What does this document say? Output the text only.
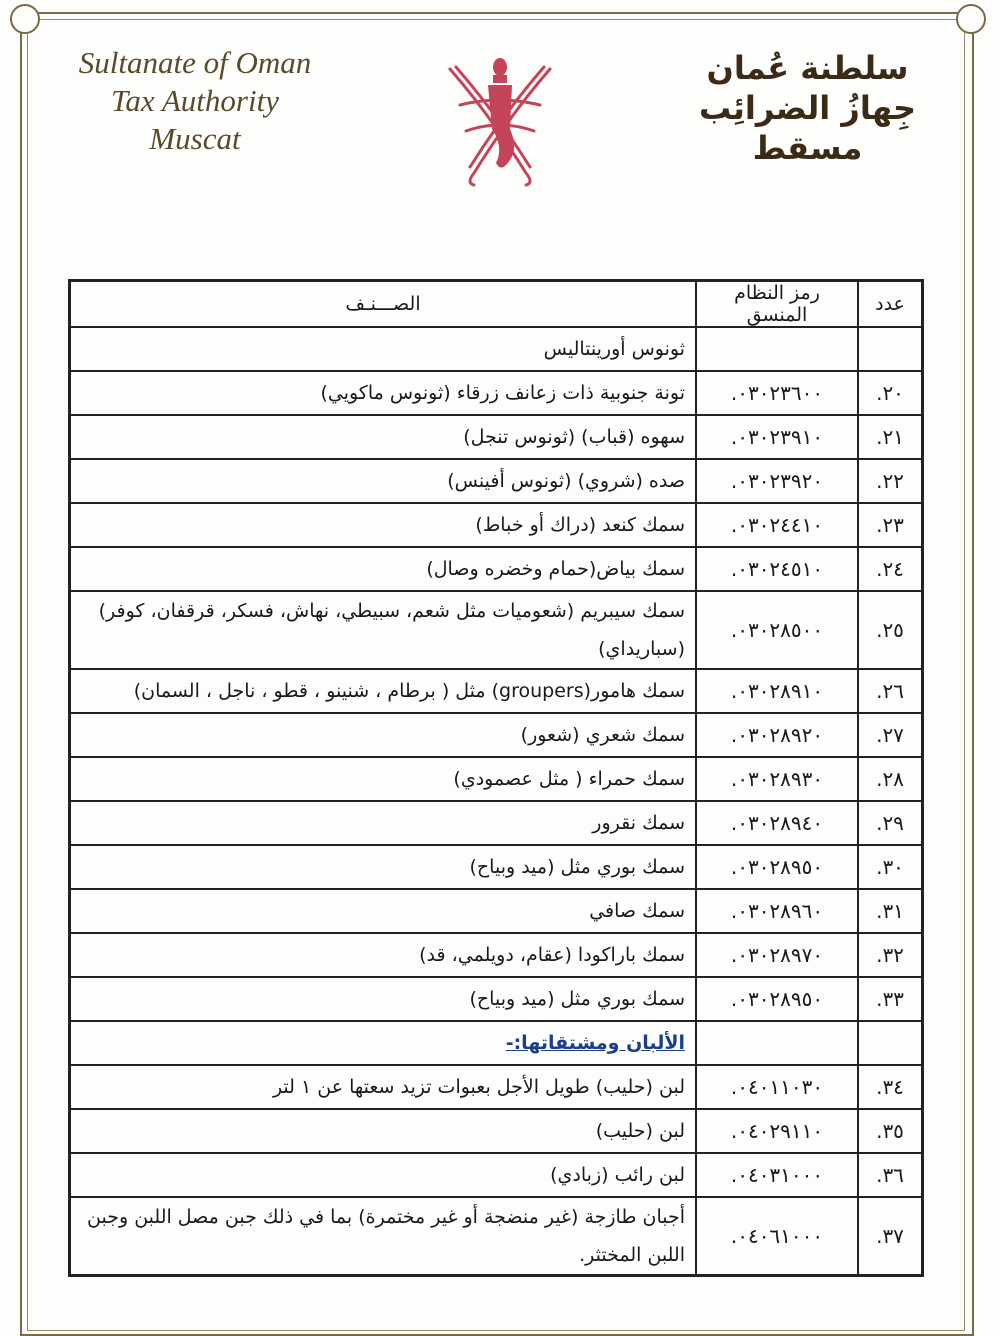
Sultanate of Oman
Tax Authority
Muscat
سلطنة عُمان
جِهازُ الضرائِب
مسقط
عدد	رمز النظام المنسق	الصـــنـف
		ثونوس أورينتاليس
٢٠.	٠٣٠٢٣٦٠٠.	تونة جنوبية ذات زعانف زرقاء (ثونوس ماكويي)
٢١.	٠٣٠٢٣٩١٠.	سهوه (قباب) (ثونوس تنجل)
٢٢.	٠٣٠٢٣٩٢٠.	صده (شروي) (ثونوس أفينس)
٢٣.	٠٣٠٢٤٤١٠.	سمك كنعد (دراك أو خباط)
٢٤.	٠٣٠٢٤٥١٠.	سمك بياض(حمام وخضره وصال)
٢٥.	٠٣٠٢٨٥٠٠.	سمك سيبريم (شعوميات مثل شعم، سبيطي، نهاش، فسكر، قرقفان، كوفر) (سباريداي)
٢٦.	٠٣٠٢٨٩١٠.	سمك هامور(groupers) مثل ( برطام ، شنينو ، قطو ، ناجل ، السمان)
٢٧.	٠٣٠٢٨٩٢٠.	سمك شعري (شعور)
٢٨.	٠٣٠٢٨٩٣٠.	سمك حمراء ( مثل عصمودي)
٢٩.	٠٣٠٢٨٩٤٠.	سمك نقرور
٣٠.	٠٣٠٢٨٩٥٠.	سمك بوري مثل (ميد وبياح)
٣١.	٠٣٠٢٨٩٦٠.	سمك صافي
٣٢.	٠٣٠٢٨٩٧٠.	سمك باراكودا (عقام، دويلمي، قد)
٣٣.	٠٣٠٢٨٩٥٠.	سمك بوري مثل (ميد وبياح)
		الألبان ومشتقاتها:-
٣٤.	٠٤٠١١٠٣٠.	لبن (حليب) طويل الأجل بعبوات تزيد سعتها عن ١ لتر
٣٥.	٠٤٠٢٩١١٠.	لبن (حليب)
٣٦.	٠٤٠٣١٠٠٠.	لبن رائب (زبادي)
٣٧.	٠٤٠٦١٠٠٠.	أجبان طازجة (غير منضجة أو غير مختمرة) بما في ذلك جبن مصل اللبن وجبن اللبن المختثر.
